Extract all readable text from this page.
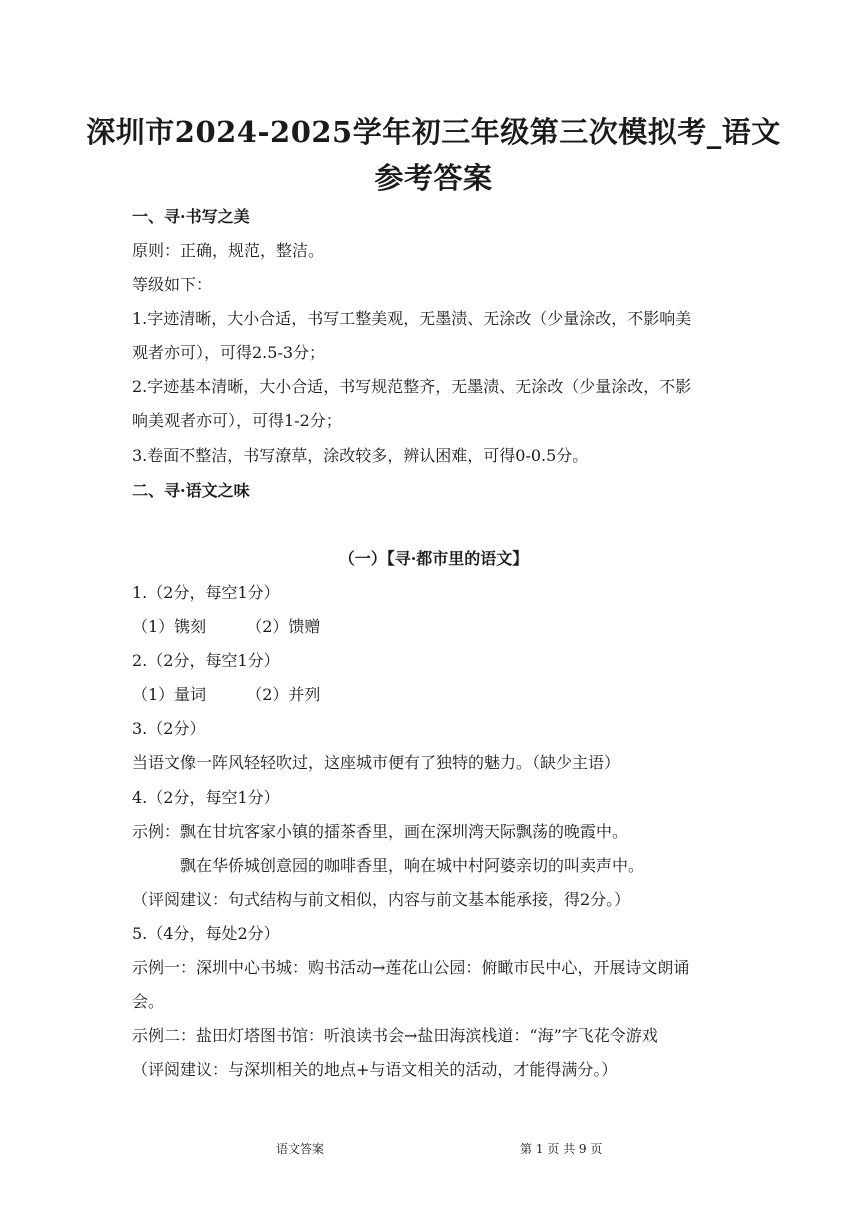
深圳市2024-2025学年初三年级第三次模拟考_语文
参考答案
一、寻·书写之美
原则：正确，规范，整洁。
等级如下：
1.字迹清晰，大小合适，书写工整美观，无墨渍、无涂改（少量涂改，不影响美
观者亦可），可得2.5-3分；
2.字迹基本清晰，大小合适，书写规范整齐，无墨渍、无涂改（少量涂改，不影
响美观者亦可），可得1-2分；
3.卷面不整洁，书写潦草，涂改较多，辨认困难，可得0-0.5分。
二、寻·语文之味
（一）【寻·都市里的语文】
1.（2分，每空1分）
（1）镌刻	（2）馈赠
2.（2分，每空1分）
（1）量词	（2）并列
3.（2分）
当语文像一阵风轻轻吹过，这座城市便有了独特的魅力。（缺少主语）
4.（2分，每空1分）
示例：飘在甘坑客家小镇的擂茶香里，画在深圳湾天际飘荡的晚霞中。
飘在华侨城创意园的咖啡香里，响在城中村阿婆亲切的叫卖声中。
（评阅建议：句式结构与前文相似，内容与前文基本能承接，得2分。）
5.（4分，每处2分）
示例一：深圳中心书城：购书活动→莲花山公园：俯瞰市民中心，开展诗文朗诵
会。
示例二：盐田灯塔图书馆：听浪读书会→盐田海滨栈道：“海”字飞花令游戏
（评阅建议：与深圳相关的地点+与语文相关的活动，才能得满分。）
语文答案	第 1 页 共 9 页
